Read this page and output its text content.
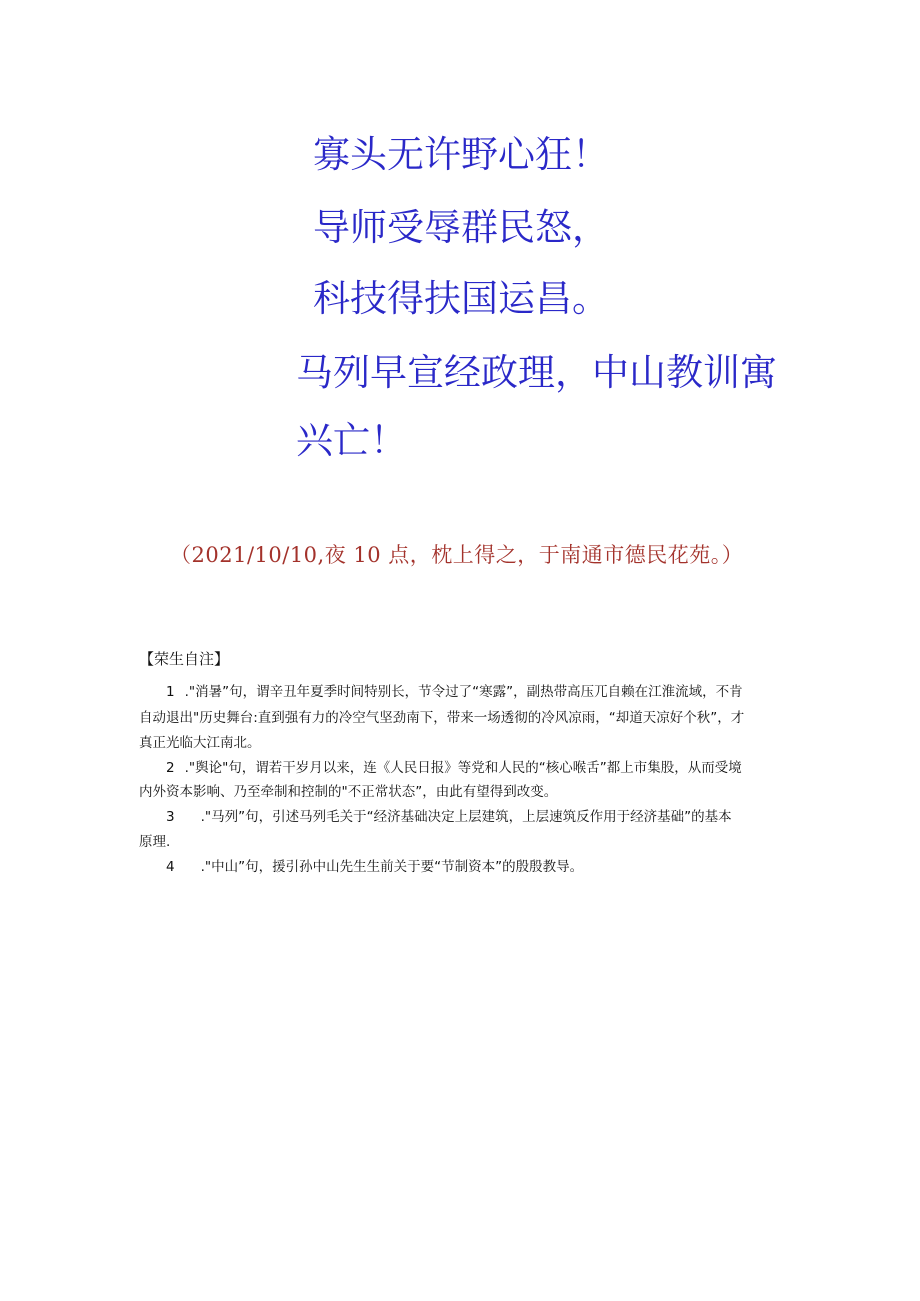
寡头无许野心狂！

导师受辱群民怒，

科技得扶国运昌。

马列早宣经政理，中山教训寓

兴亡！

（2021/10/10,夜 10 点，枕上得之，于南通市德民花苑。）
【荣生自注】
1 ."消暑”句，谓辛丑年夏季时间特别长，节令过了“寒露”，副热带高压兀自赖在江淮流域，不肯
自动退出"历史舞台:直到强有力的冷空气坚劲南下，带来一场透彻的冷风凉雨，“却道天凉好个秋”，才
真正光临大江南北。
2 ."舆论"句，谓若干岁月以来，连《人民日报》等党和人民的“核心喉舌”都上市集股，从而受境
内外资本影响、乃至牵制和控制的"不正常状态”，由此有望得到改变。
3 ."马列”句，引述马列毛关于“经济基础决定上层建筑，上层速筑反作用于经济基础”的基本
原理.
4 ."中山”句，援引孙中山先生生前关于要“节制资本”的殷殷教导。
